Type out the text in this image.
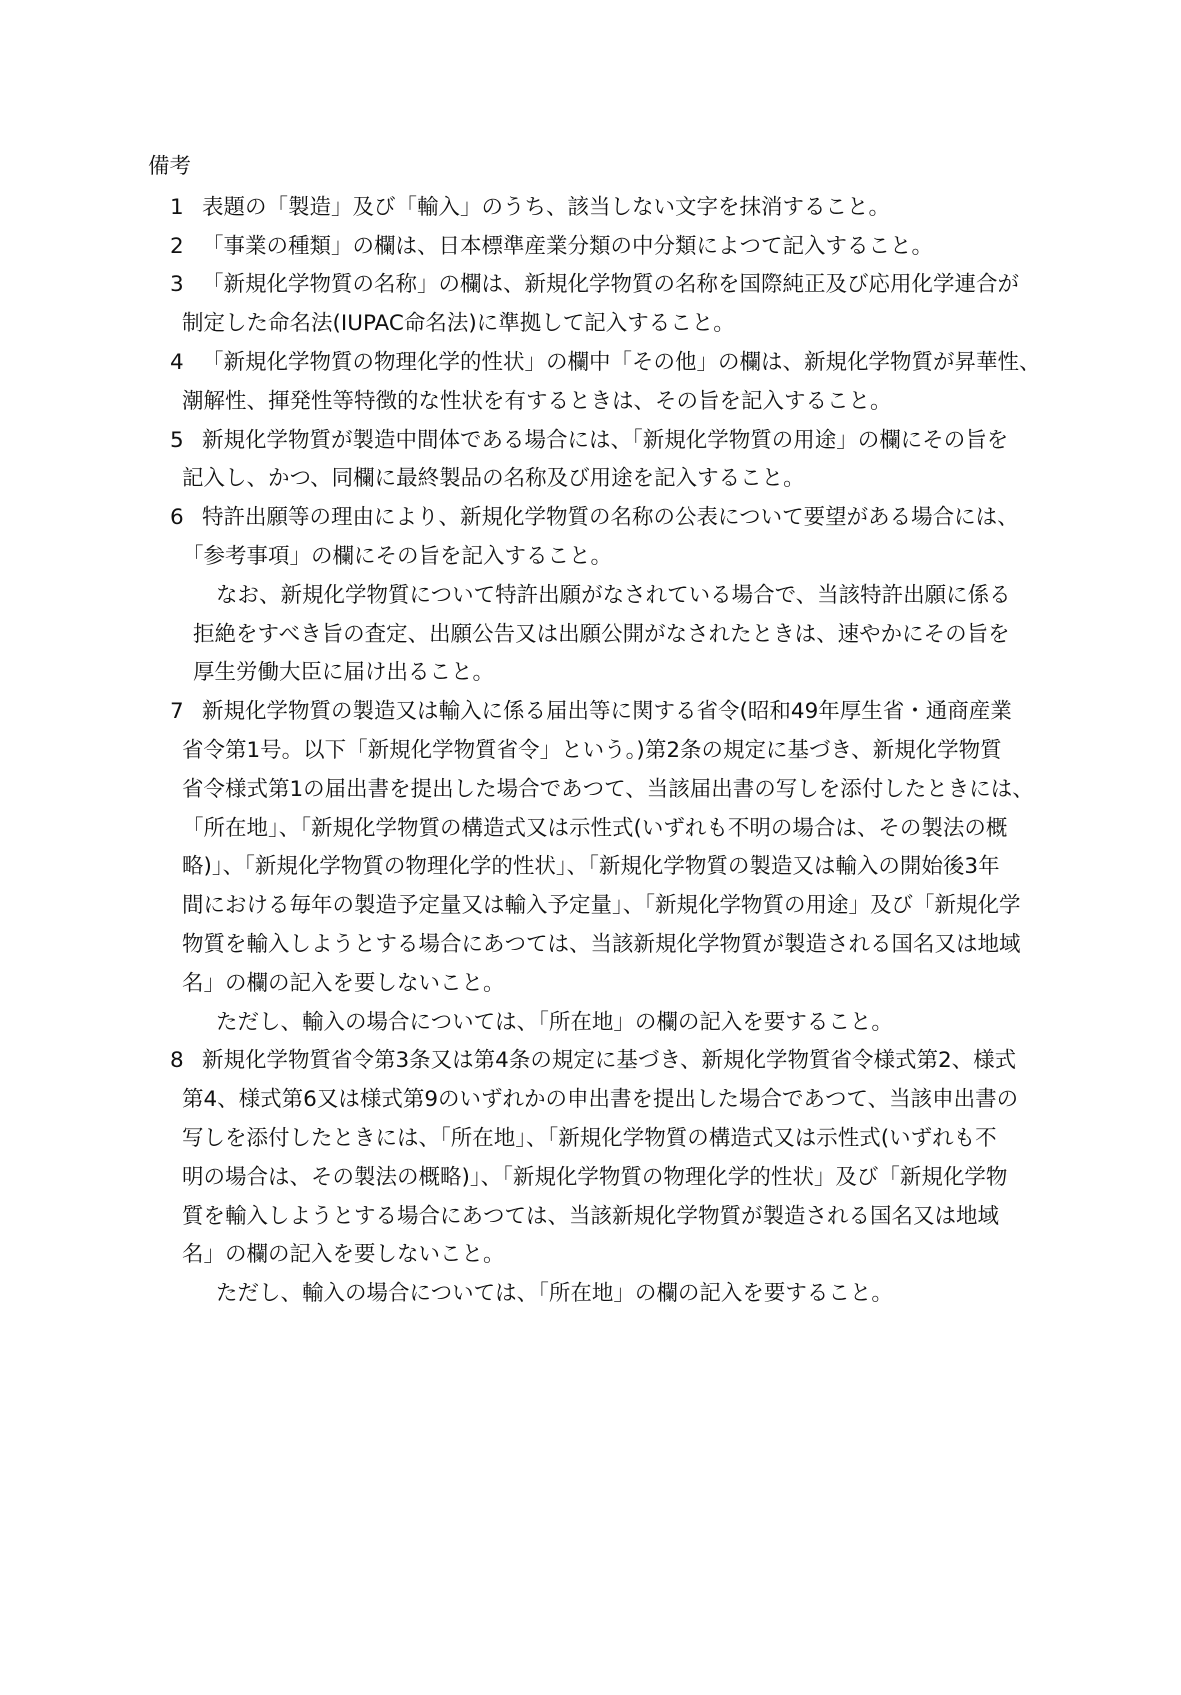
備考
1 表題の「製造」及び「輸入」のうち、該当しない文字を抹消すること。
2 「事業の種類」の欄は、日本標準産業分類の中分類によつて記入すること。
3 「新規化学物質の名称」の欄は、新規化学物質の名称を国際純正及び応用化学連合が
制定した命名法(IUPAC命名法)に準拠して記入すること。
4 「新規化学物質の物理化学的性状」の欄中「その他」の欄は、新規化学物質が昇華性、
潮解性、揮発性等特徴的な性状を有するときは、その旨を記入すること。
5 新規化学物質が製造中間体である場合には、「新規化学物質の用途」の欄にその旨を
記入し、かつ、同欄に最終製品の名称及び用途を記入すること。
6 特許出願等の理由により、新規化学物質の名称の公表について要望がある場合には、
「参考事項」の欄にその旨を記入すること。
なお、新規化学物質について特許出願がなされている場合で、当該特許出願に係る
拒絶をすべき旨の査定、出願公告又は出願公開がなされたときは、速やかにその旨を
厚生労働大臣に届け出ること。
7 新規化学物質の製造又は輸入に係る届出等に関する省令(昭和49年厚生省・通商産業
省令第1号。以下「新規化学物質省令」という。)第2条の規定に基づき、新規化学物質
省令様式第1の届出書を提出した場合であつて、当該届出書の写しを添付したときには、
「所在地」、「新規化学物質の構造式又は示性式(いずれも不明の場合は、その製法の概
略)」、「新規化学物質の物理化学的性状」、「新規化学物質の製造又は輸入の開始後3年
間における毎年の製造予定量又は輸入予定量」、「新規化学物質の用途」及び「新規化学
物質を輸入しようとする場合にあつては、当該新規化学物質が製造される国名又は地域
名」の欄の記入を要しないこと。
ただし、輸入の場合については、「所在地」の欄の記入を要すること。
8 新規化学物質省令第3条又は第4条の規定に基づき、新規化学物質省令様式第2、様式
第4、様式第6又は様式第9のいずれかの申出書を提出した場合であつて、当該申出書の
写しを添付したときには、「所在地」、「新規化学物質の構造式又は示性式(いずれも不
明の場合は、その製法の概略)」、「新規化学物質の物理化学的性状」及び「新規化学物
質を輸入しようとする場合にあつては、当該新規化学物質が製造される国名又は地域
名」の欄の記入を要しないこと。
ただし、輸入の場合については、「所在地」の欄の記入を要すること。
